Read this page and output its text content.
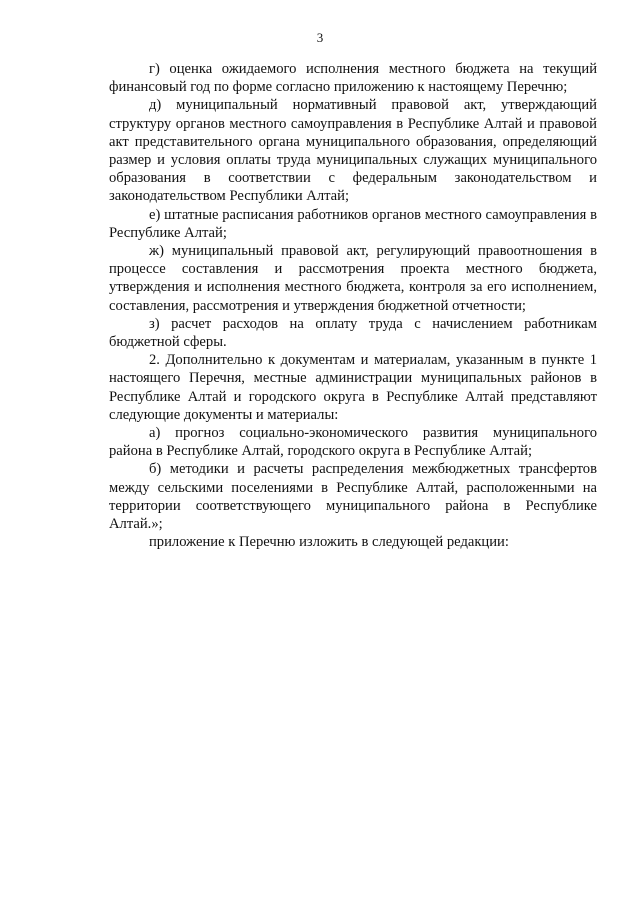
3

г) оценка ожидаемого исполнения местного бюджета на текущий финансовый год по форме согласно приложению к настоящему Перечню;

д) муниципальный нормативный правовой акт, утверждающий структуру органов местного самоуправления в Республике Алтай и правовой акт представительного органа муниципального образования, определяющий размер и условия оплаты труда муниципальных служащих муниципального образования в соответствии с федеральным законодательством и законодательством Республики Алтай;

е) штатные расписания работников органов местного самоуправления в Республике Алтай;

ж) муниципальный правовой акт, регулирующий правоотношения в процессе составления и рассмотрения проекта местного бюджета, утверждения и исполнения местного бюджета, контроля за его исполнением, составления, рассмотрения и утверждения бюджетной отчетности;

з) расчет расходов на оплату труда с начислением работникам бюджетной сферы.

2. Дополнительно к документам и материалам, указанным в пункте 1 настоящего Перечня, местные администрации муниципальных районов в Республике Алтай и городского округа в Республике Алтай представляют следующие документы и материалы:

а) прогноз социально-экономического развития муниципального района в Республике Алтай, городского округа в Республике Алтай;

б) методики и расчеты распределения межбюджетных трансфертов между сельскими поселениями в Республике Алтай, расположенными на территории соответствующего муниципального района в Республике Алтай.»;

приложение к Перечню изложить в следующей редакции:
